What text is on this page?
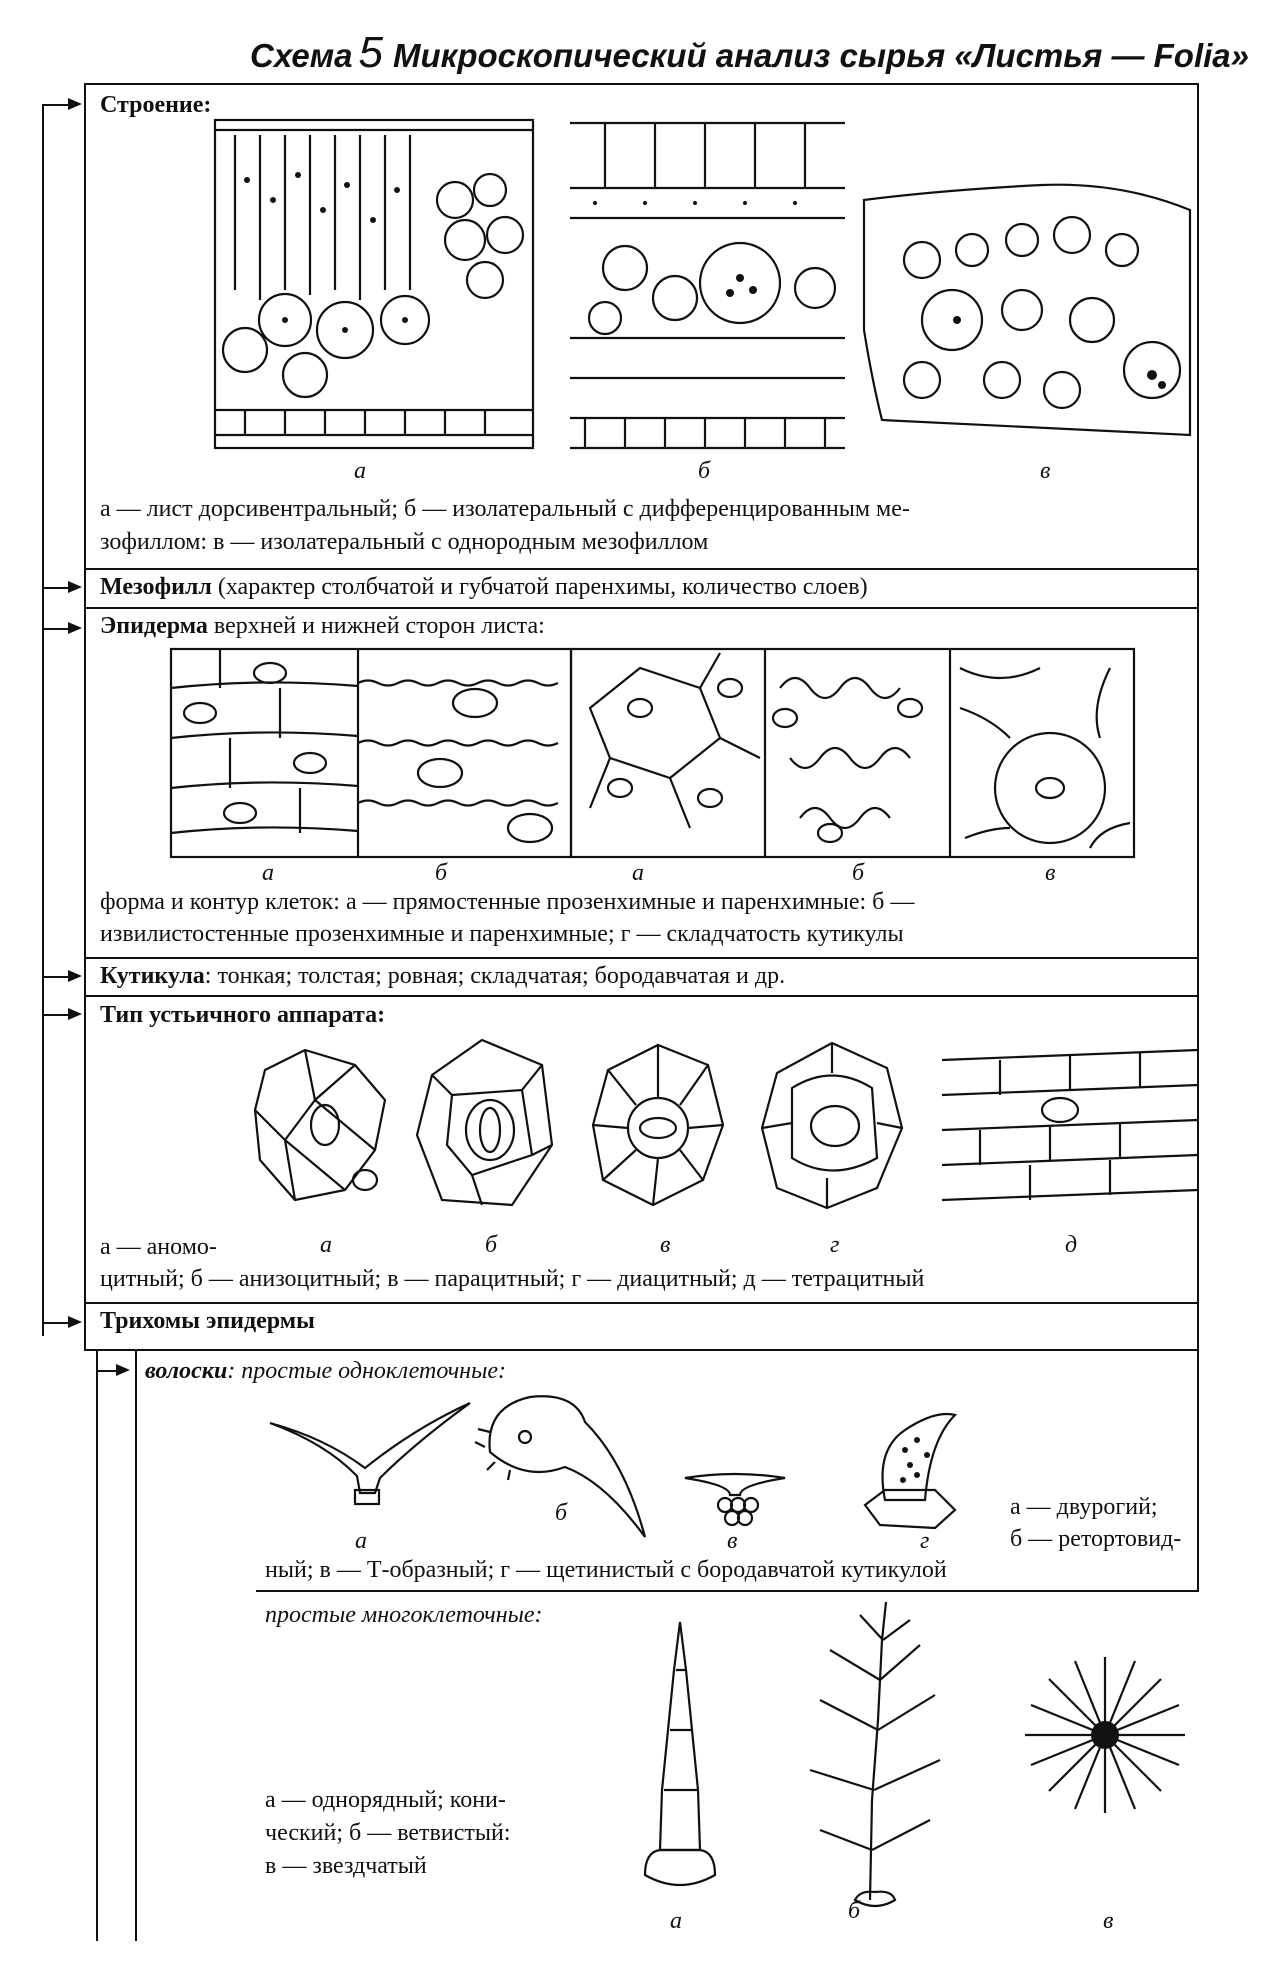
Схема 5 Микроскопический анализ сырья «Листья — Folia»
Строение:
а	б	в
а — лист дорсивентральный; б — изолатеральный с дифференцированным ме-
зофиллом: в — изолатеральный с однородным мезофиллом
Мезофилл (характер столбчатой и губчатой паренхимы, количество слоев)
Эпидерма верхней и нижней сторон листа:
а	б	а	б	в
форма и контур клеток: а — прямостенные прозенхимные и паренхимные: б —
извилистостенные прозенхимные и паренхимные; г — складчатость кутикулы
Кутикула: тонкая; толстая; ровная; складчатая; бородавчатая и др.
Тип устьичного аппарата:
а	б	в	г	д
а — аномо-
цитный; б — анизоцитный; в — парацитный; г — диацитный; д — тетрацитный
Трихомы эпидермы
волоски: простые одноклеточные:
а
б
в	г
а — двурогий;
б — ретортовид-
ный; в — Т-образный; г — щетинистый с бородавчатой кутикулой
простые многоклеточные:
а — однорядный; кони-
ческий; б — ветвистый:
в — звездчатый
а	б	в
